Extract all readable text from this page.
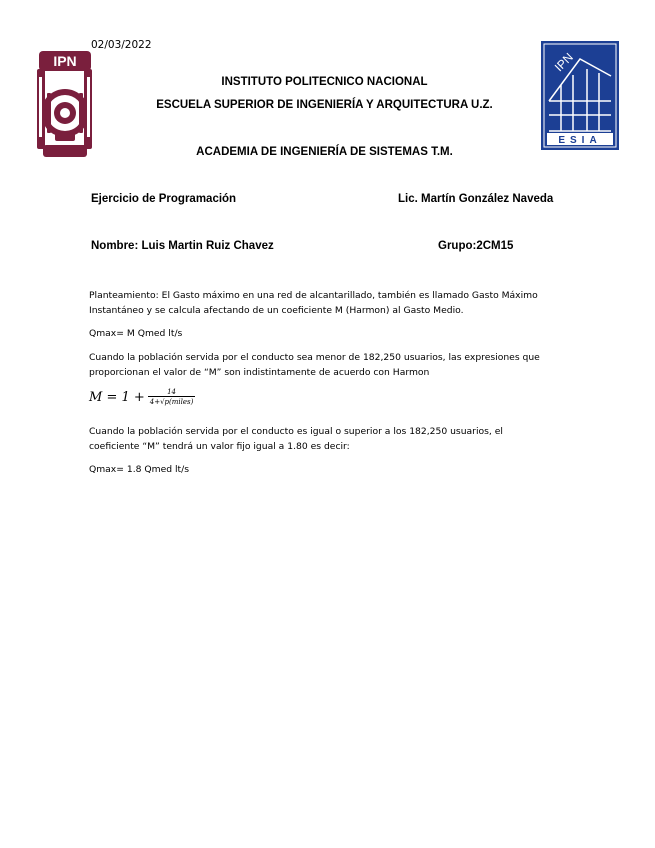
02/03/2022
IPN	IPN
ESIA
INSTITUTO POLITECNICO NACIONAL
ESCUELA SUPERIOR DE INGENIERÍA Y ARQUITECTURA U.Z.
ACADEMIA DE INGENIERÍA DE SISTEMAS T.M.
Ejercicio de Programación	Lic. Martín González Naveda
Nombre: Luis Martin Ruiz Chavez	Grupo:2CM15
Planteamiento: El Gasto máximo en una red de alcantarillado, también es llamado Gasto Máximo
Instantáneo y se calcula afectando de un coeficiente M (Harmon) al Gasto Medio.
Qmax= M Qmed lt/s
Cuando la población servida por el conducto sea menor de 182,250 usuarios, las expresiones que
proporcionan el valor de “M” son indistintamente de acuerdo con Harmon
$M = 1 + \frac{14}{\text{4+√p(miles)}}$
Cuando la población servida por el conducto es igual o superior a los 182,250 usuarios, el
coeficiente “M” tendrá un valor fijo igual a 1.80 es decir:
Qmax= 1.8 Qmed lt/s
